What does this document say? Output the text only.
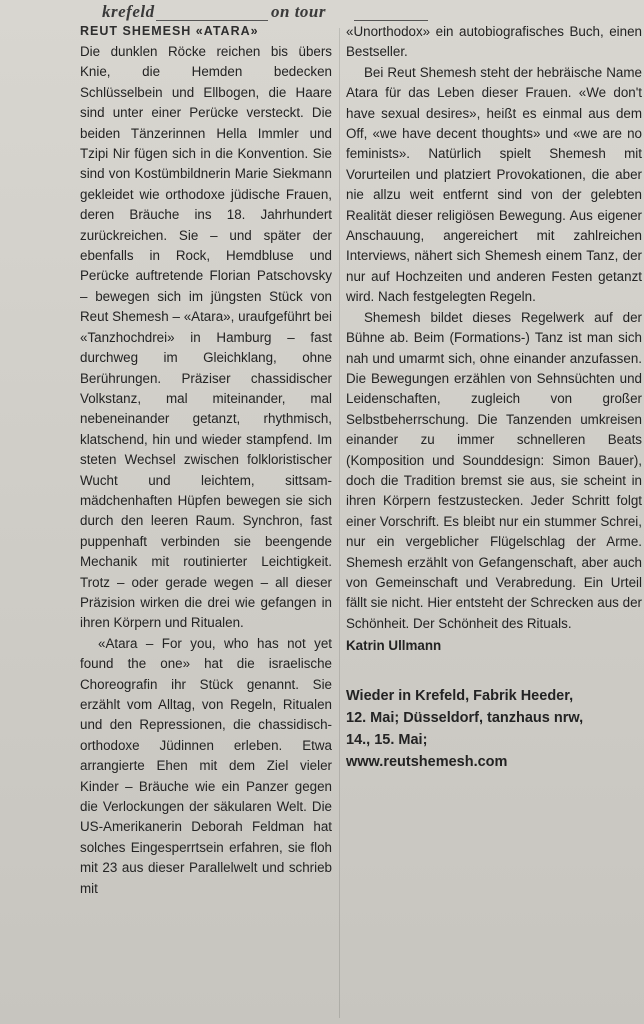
krefeld	on tour
REUT SHEMESH «ATARA»

Die dunklen Röcke reichen bis übers Knie, die Hemden bedecken Schlüsselbein und Ellbogen, die Haare sind unter einer Perücke versteckt. Die beiden Tänzerinnen Hella Immler und Tzipi Nir fügen sich in die Konvention. Sie sind von Kostümbildnerin Marie Siekmann gekleidet wie orthodoxe jüdische Frauen, deren Bräuche ins 18. Jahrhundert zurückreichen. Sie – und später der ebenfalls in Rock, Hemdbluse und Perücke auftretende Florian Patschovsky – bewegen sich im jüngsten Stück von Reut Shemesh – «Atara», uraufgeführt bei «Tanzhochdrei» in Hamburg – fast durchweg im Gleichklang, ohne Berührungen. Präziser chassidischer Volkstanz, mal miteinander, mal nebeneinander getanzt, rhythmisch, klatschend, hin und wieder stampfend. Im steten Wechsel zwischen folkloristischer Wucht und leichtem, sittsam-mädchenhaften Hüpfen bewegen sie sich durch den leeren Raum. Synchron, fast puppenhaft verbinden sie beengende Mechanik mit routinierter Leichtigkeit. Trotz – oder gerade wegen – all dieser Präzision wirken die drei wie gefangen in ihren Körpern und Ritualen.

«Atara – For you, who has not yet found the one» hat die israelische Choreografin ihr Stück genannt. Sie erzählt vom Alltag, von Regeln, Ritualen und den Repressionen, die chassidisch- orthodoxe Jüdinnen erleben. Etwa arrangierte Ehen mit dem Ziel vieler Kinder – Bräuche wie ein Panzer gegen die Verlockungen der säkularen Welt. Die US-Amerikanerin Deborah Feldman hat solches Eingesperrtsein erfahren, sie floh mit 23 aus dieser Parallelwelt und schrieb mit

«Unorthodox» ein autobiografisches Buch, einen Bestseller.

Bei Reut Shemesh steht der hebräische Name Atara für das Leben dieser Frauen. «We don't have sexual desires», heißt es einmal aus dem Off, «we have decent thoughts» und «we are no feminists». Natürlich spielt Shemesh mit Vorurteilen und platziert Provokationen, die aber nie allzu weit entfernt sind von der gelebten Realität dieser religiösen Bewegung. Aus eigener Anschauung, angereichert mit zahlreichen Interviews, nähert sich Shemesh einem Tanz, der nur auf Hochzeiten und anderen Festen getanzt wird. Nach festgelegten Regeln.

Shemesh bildet dieses Regelwerk auf der Bühne ab. Beim (Formations-) Tanz ist man sich nah und umarmt sich, ohne einander anzufassen. Die Bewegungen erzählen von Sehnsüchten und Leidenschaften, zugleich von großer Selbstbeherrschung. Die Tanzenden umkreisen einander zu immer schnelleren Beats (Komposition und Sounddesign: Simon Bauer), doch die Tradition bremst sie aus, sie scheint in ihren Körpern festzustecken. Jeder Schritt folgt einer Vorschrift. Es bleibt nur ein stummer Schrei, nur ein vergeblicher Flügelschlag der Arme. Shemesh erzählt von Gefangenschaft, aber auch von Gemeinschaft und Verabredung. Ein Urteil fällt sie nicht. Hier entsteht der Schrecken aus der Schönheit. Der Schönheit des Rituals.

Katrin Ullmann
Wieder in Krefeld, Fabrik Heeder,
12. Mai; Düsseldorf, tanzhaus nrw,
14., 15. Mai;
www.reutshemesh.com
